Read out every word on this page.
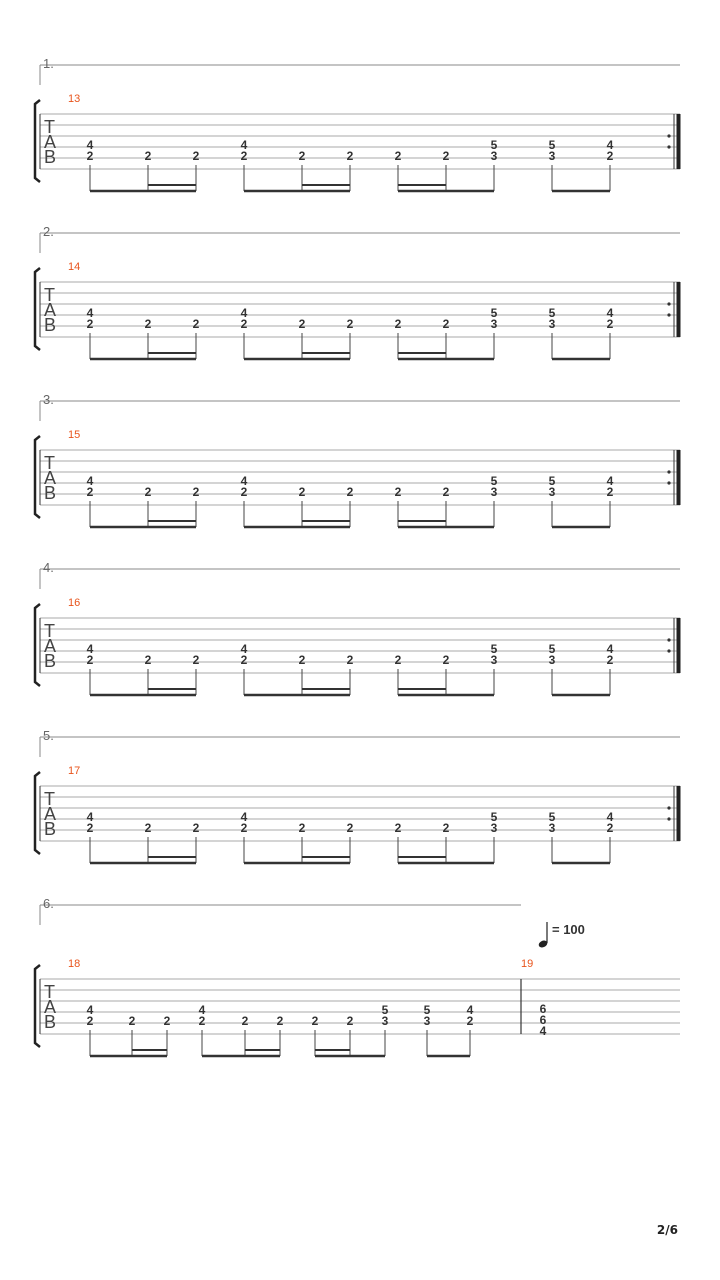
1.
T
A
B
13
4
2	2	2
4
2	2	2	2	2
5
3
5
3
4
2
2.
T
A
B
14
4
2	2	2
4
2	2	2	2	2
5
3
5
3
4
2
3.
T
A
B
15
4
2	2	2
4
2	2	2	2	2
5
3
5
3
4
2
4.
T
A
B
16
4
2	2	2
4
2	2	2	2	2
5
3
5
3
4
2
5.
T
A
B
17
4
2	2	2
4
2	2	2	2	2
5
3
5
3
4
2
6.
T
A
B
18
4
2	2 2
4
2	2 2 2 2
5
3
5
3
4
2
19
6
6
4
= 100
2/6
